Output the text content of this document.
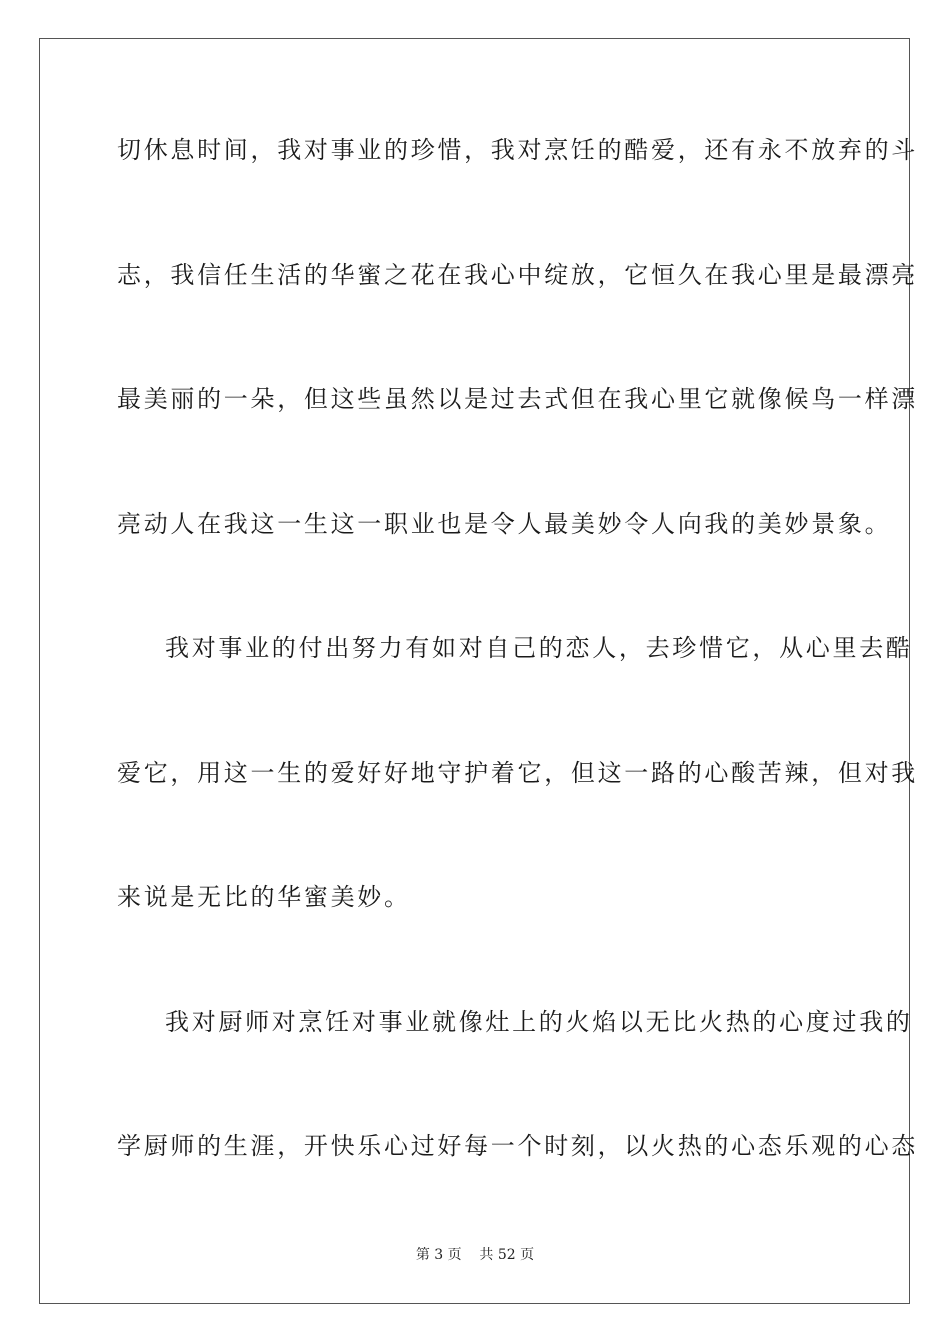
切休息时间，我对事业的珍惜，我对烹饪的酷爱，还有永不放弃的斗
志，我信任生活的华蜜之花在我心中绽放，它恒久在我心里是最漂亮
最美丽的一朵，但这些虽然以是过去式但在我心里它就像候鸟一样漂
亮动人在我这一生这一职业也是令人最美妙令人向我的美妙景象。
我对事业的付出努力有如对自己的恋人，去珍惜它，从心里去酷
爱它，用这一生的爱好好地守护着它，但这一路的心酸苦辣，但对我
来说是无比的华蜜美妙。
我对厨师对烹饪对事业就像灶上的火焰以无比火热的心度过我的
学厨师的生涯，开快乐心过好每一个时刻，以火热的心态乐观的心态
第 3 页    共 52 页
